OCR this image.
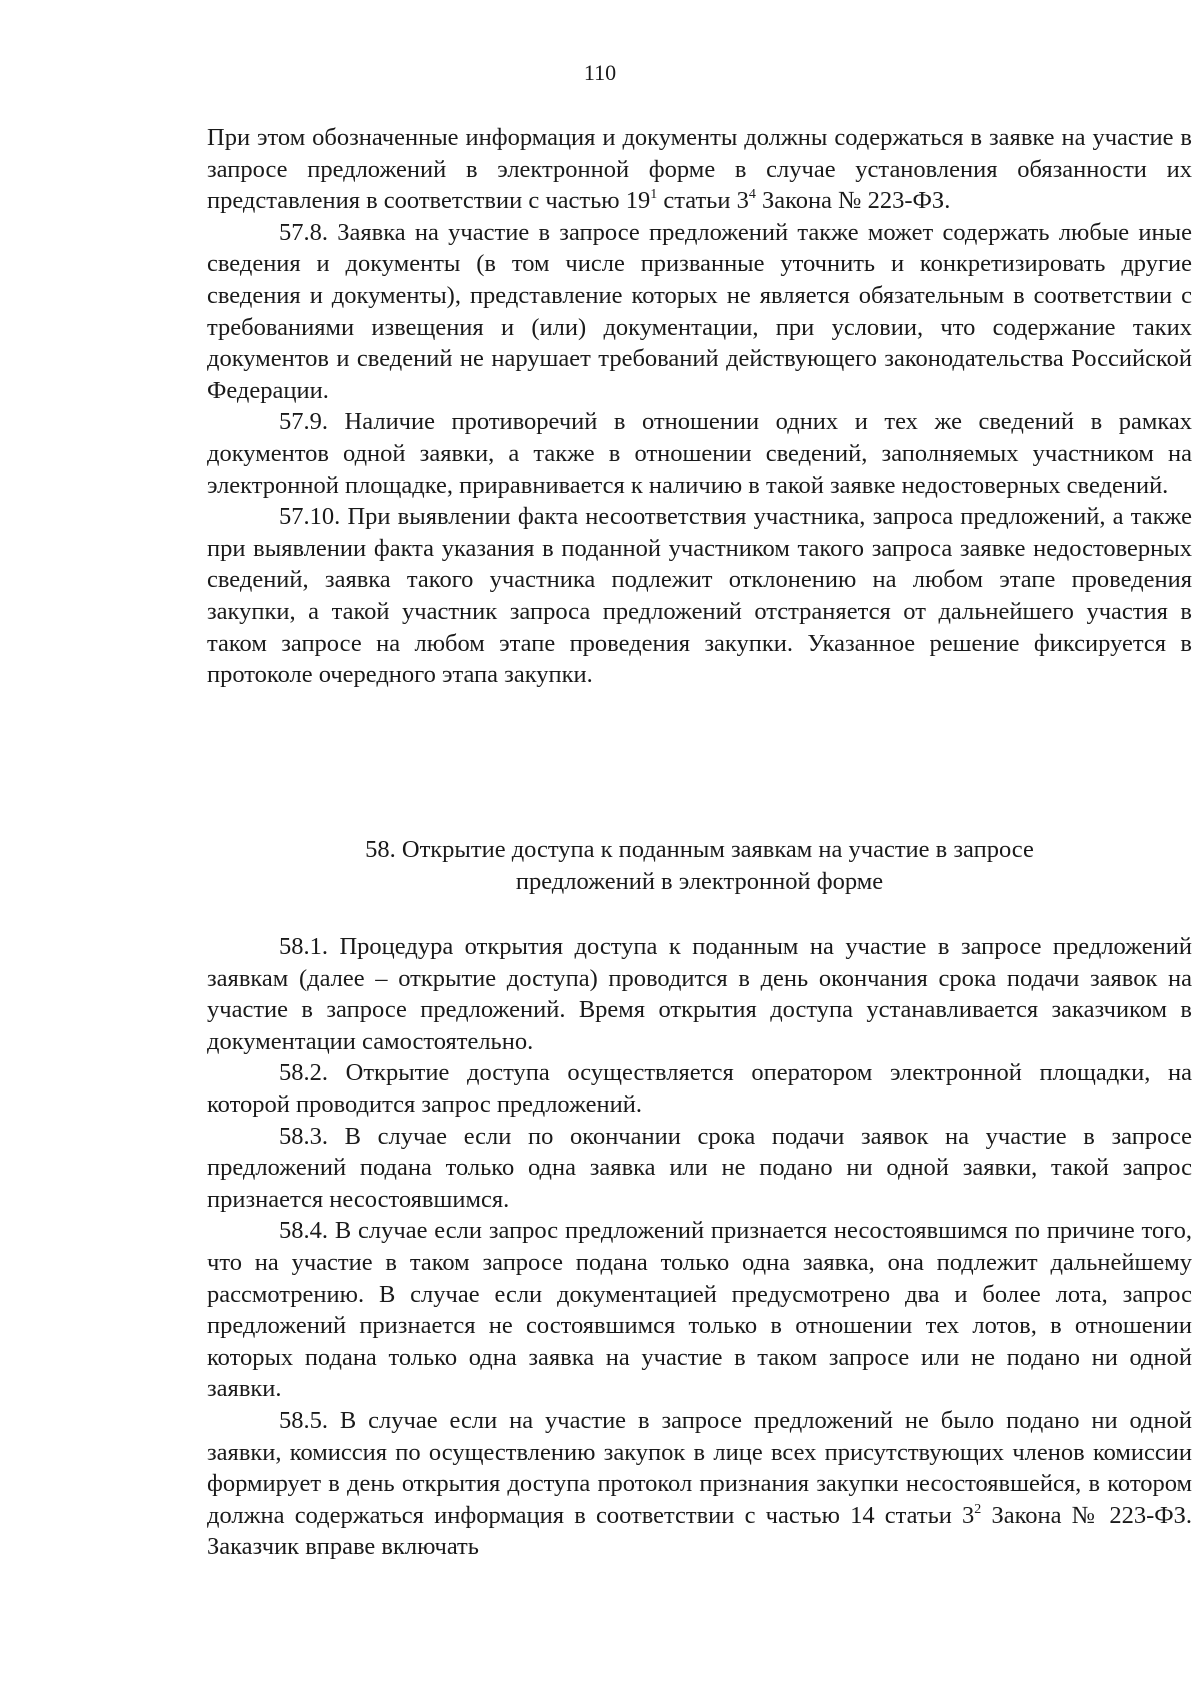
110

При этом обозначенные информация и документы должны содержаться в заявке на участие в запросе предложений в электронной форме в случае установления обязанности их представления в соответствии с частью $19^1$ статьи $3^4$ Закона № 223-ФЗ.

57.8. Заявка на участие в запросе предложений также может содержать любые иные сведения и документы (в том числе призванные уточнить и конкретизировать другие сведения и документы), представление которых не является обязательным в соответствии с требованиями извещения и (или) документации, при условии, что содержание таких документов и сведений не нарушает требований действующего законодательства Российской Федерации.

57.9. Наличие противоречий в отношении одних и тех же сведений в рамках документов одной заявки, а также в отношении сведений, заполняемых участником на электронной площадке, приравнивается к наличию в такой заявке недостоверных сведений.

57.10. При выявлении факта несоответствия участника, запроса предложений, а также при выявлении факта указания в поданной участником такого запроса заявке недостоверных сведений, заявка такого участника подлежит отклонению на любом этапе проведения закупки, а такой участник запроса предложений отстраняется от дальнейшего участия в таком запросе на любом этапе проведения закупки. Указанное решение фиксируется в протоколе очередного этапа закупки.

58. Открытие доступа к поданным заявкам на участие в запросе
предложений в электронной форме

58.1. Процедура открытия доступа к поданным на участие в запросе предложений заявкам (далее – открытие доступа) проводится в день окончания срока подачи заявок на участие в запросе предложений. Время открытия доступа устанавливается заказчиком в документации самостоятельно.

58.2. Открытие доступа осуществляется оператором электронной площадки, на которой проводится запрос предложений.

58.3. В случае если по окончании срока подачи заявок на участие в запросе предложений подана только одна заявка или не подано ни одной заявки, такой запрос признается несостоявшимся.

58.4. В случае если запрос предложений признается несостоявшимся по причине того, что на участие в таком запросе подана только одна заявка, она подлежит дальнейшему рассмотрению. В случае если документацией предусмотрено два и более лота, запрос предложений признается не состоявшимся только в отношении тех лотов, в отношении которых подана только одна заявка на участие в таком запросе или не подано ни одной заявки.

58.5. В случае если на участие в запросе предложений не было подано ни одной заявки, комиссия по осуществлению закупок в лице всех присутствующих членов комиссии формирует в день открытия доступа протокол признания закупки несостоявшейся, в котором должна содержаться информация в соответствии с частью 14 статьи $3^2$ Закона № 223-ФЗ. Заказчик вправе включать
